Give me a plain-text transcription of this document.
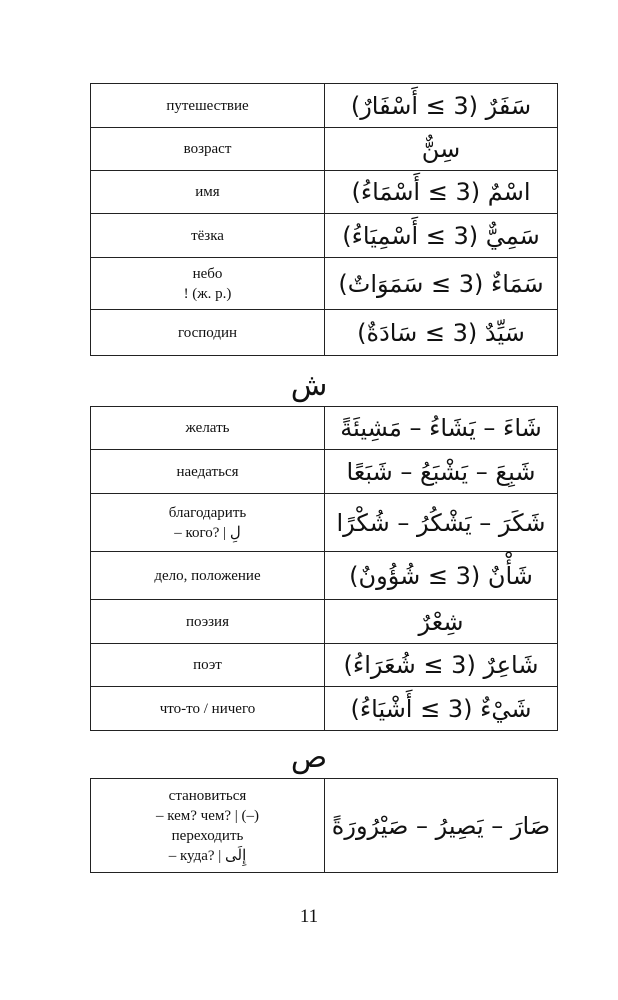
путешествие	سَفَرٌ (3 ≥ أَسْفَارٌ)

возраст	سِنٌّ

имя	اسْمٌ (3 ≥ أَسْمَاءُ)

тёзка	سَمِيٌّ (3 ≥ أَسْمِيَاءُ)

небо
! (ж. р.)	سَمَاءٌ (3 ≥ سَمَوَاتٌ)

господин	سَيِّدٌ (3 ≥ سَادَةٌ)
ش
желать	شَاءَ – يَشَاءُ – مَشِيئَةً

наедаться	شَبِعَ – يَشْبَعُ – شَبَعًا

благодарить
– кого? | لِ	شَكَرَ – يَشْكُرُ – شُكْرًا

дело, положение	شَأْنٌ (3 ≥ شُؤُونٌ)

поэзия	شِعْرٌ

поэт	شَاعِرٌ (3 ≥ شُعَرَاءُ)

что-то / ничего	شَيْءٌ (3 ≥ أَشْيَاءُ)
ص
становиться
– кем? чем? | (–)
переходить
– куда? | إِلَى
	صَارَ – يَصِيرُ – صَيْرُورَةً
11
